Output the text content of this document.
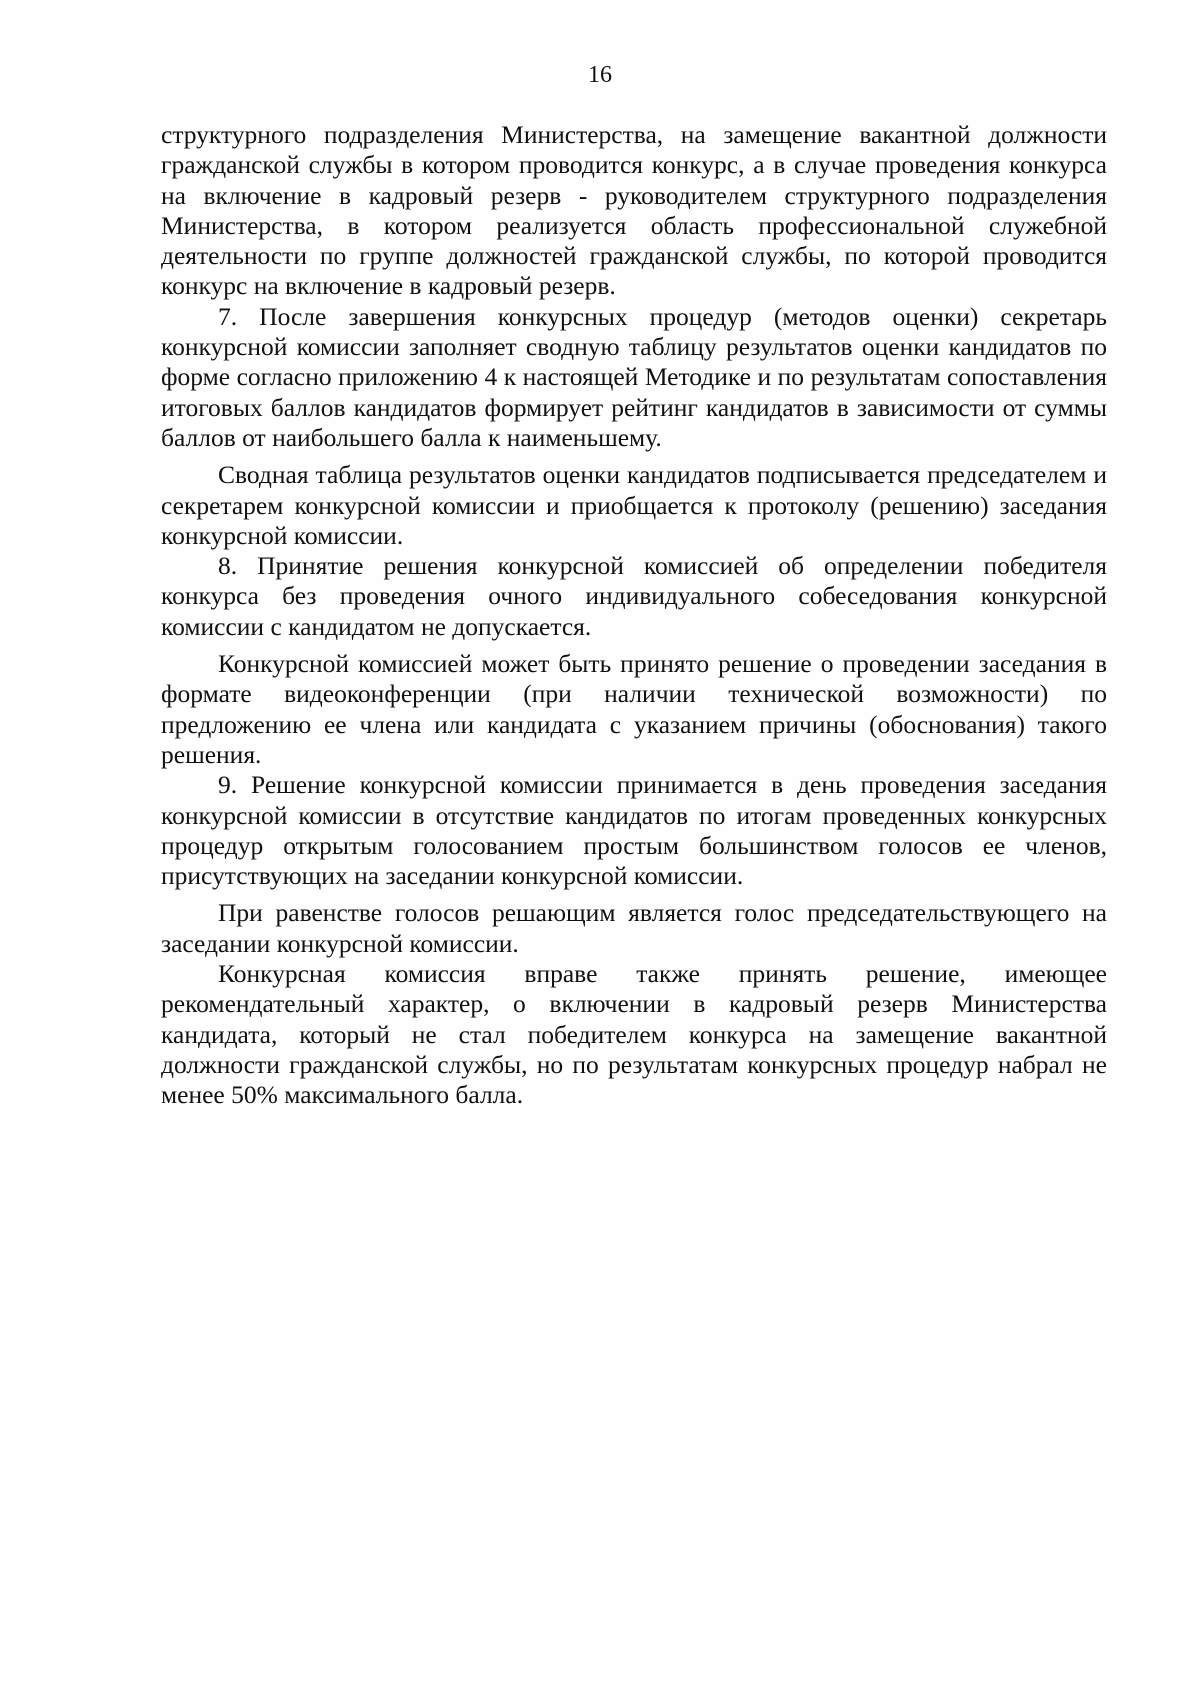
16

структурного подразделения Министерства, на замещение вакантной должности гражданской службы в котором проводится конкурс, а в случае проведения конкурса на включение в кадровый резерв - руководителем структурного подразделения Министерства, в котором реализуется область профессиональной служебной деятельности по группе должностей гражданской службы, по которой проводится конкурс на включение в кадровый резерв.

7. После завершения конкурсных процедур (методов оценки) секретарь конкурсной комиссии заполняет сводную таблицу результатов оценки кандидатов по форме согласно приложению 4 к настоящей Методике и по результатам сопоставления итоговых баллов кандидатов формирует рейтинг кандидатов в зависимости от суммы баллов от наибольшего балла к наименьшему.

Сводная таблица результатов оценки кандидатов подписывается председателем и секретарем конкурсной комиссии и приобщается к протоколу (решению) заседания конкурсной комиссии.

8. Принятие решения конкурсной комиссией об определении победителя конкурса без проведения очного индивидуального собеседования конкурсной комиссии с кандидатом не допускается.

Конкурсной комиссией может быть принято решение о проведении заседания в формате видеоконференции (при наличии технической возможности) по предложению ее члена или кандидата с указанием причины (обоснования) такого решения.

9. Решение конкурсной комиссии принимается в день проведения заседания конкурсной комиссии в отсутствие кандидатов по итогам проведенных конкурсных процедур открытым голосованием простым большинством голосов ее членов, присутствующих на заседании конкурсной комиссии.

При равенстве голосов решающим является голос председательствующего на заседании конкурсной комиссии.

Конкурсная комиссия вправе также принять решение, имеющее рекомендательный характер, о включении в кадровый резерв Министерства кандидата, который не стал победителем конкурса на замещение вакантной должности гражданской службы, но по результатам конкурсных процедур набрал не менее 50% максимального балла.
